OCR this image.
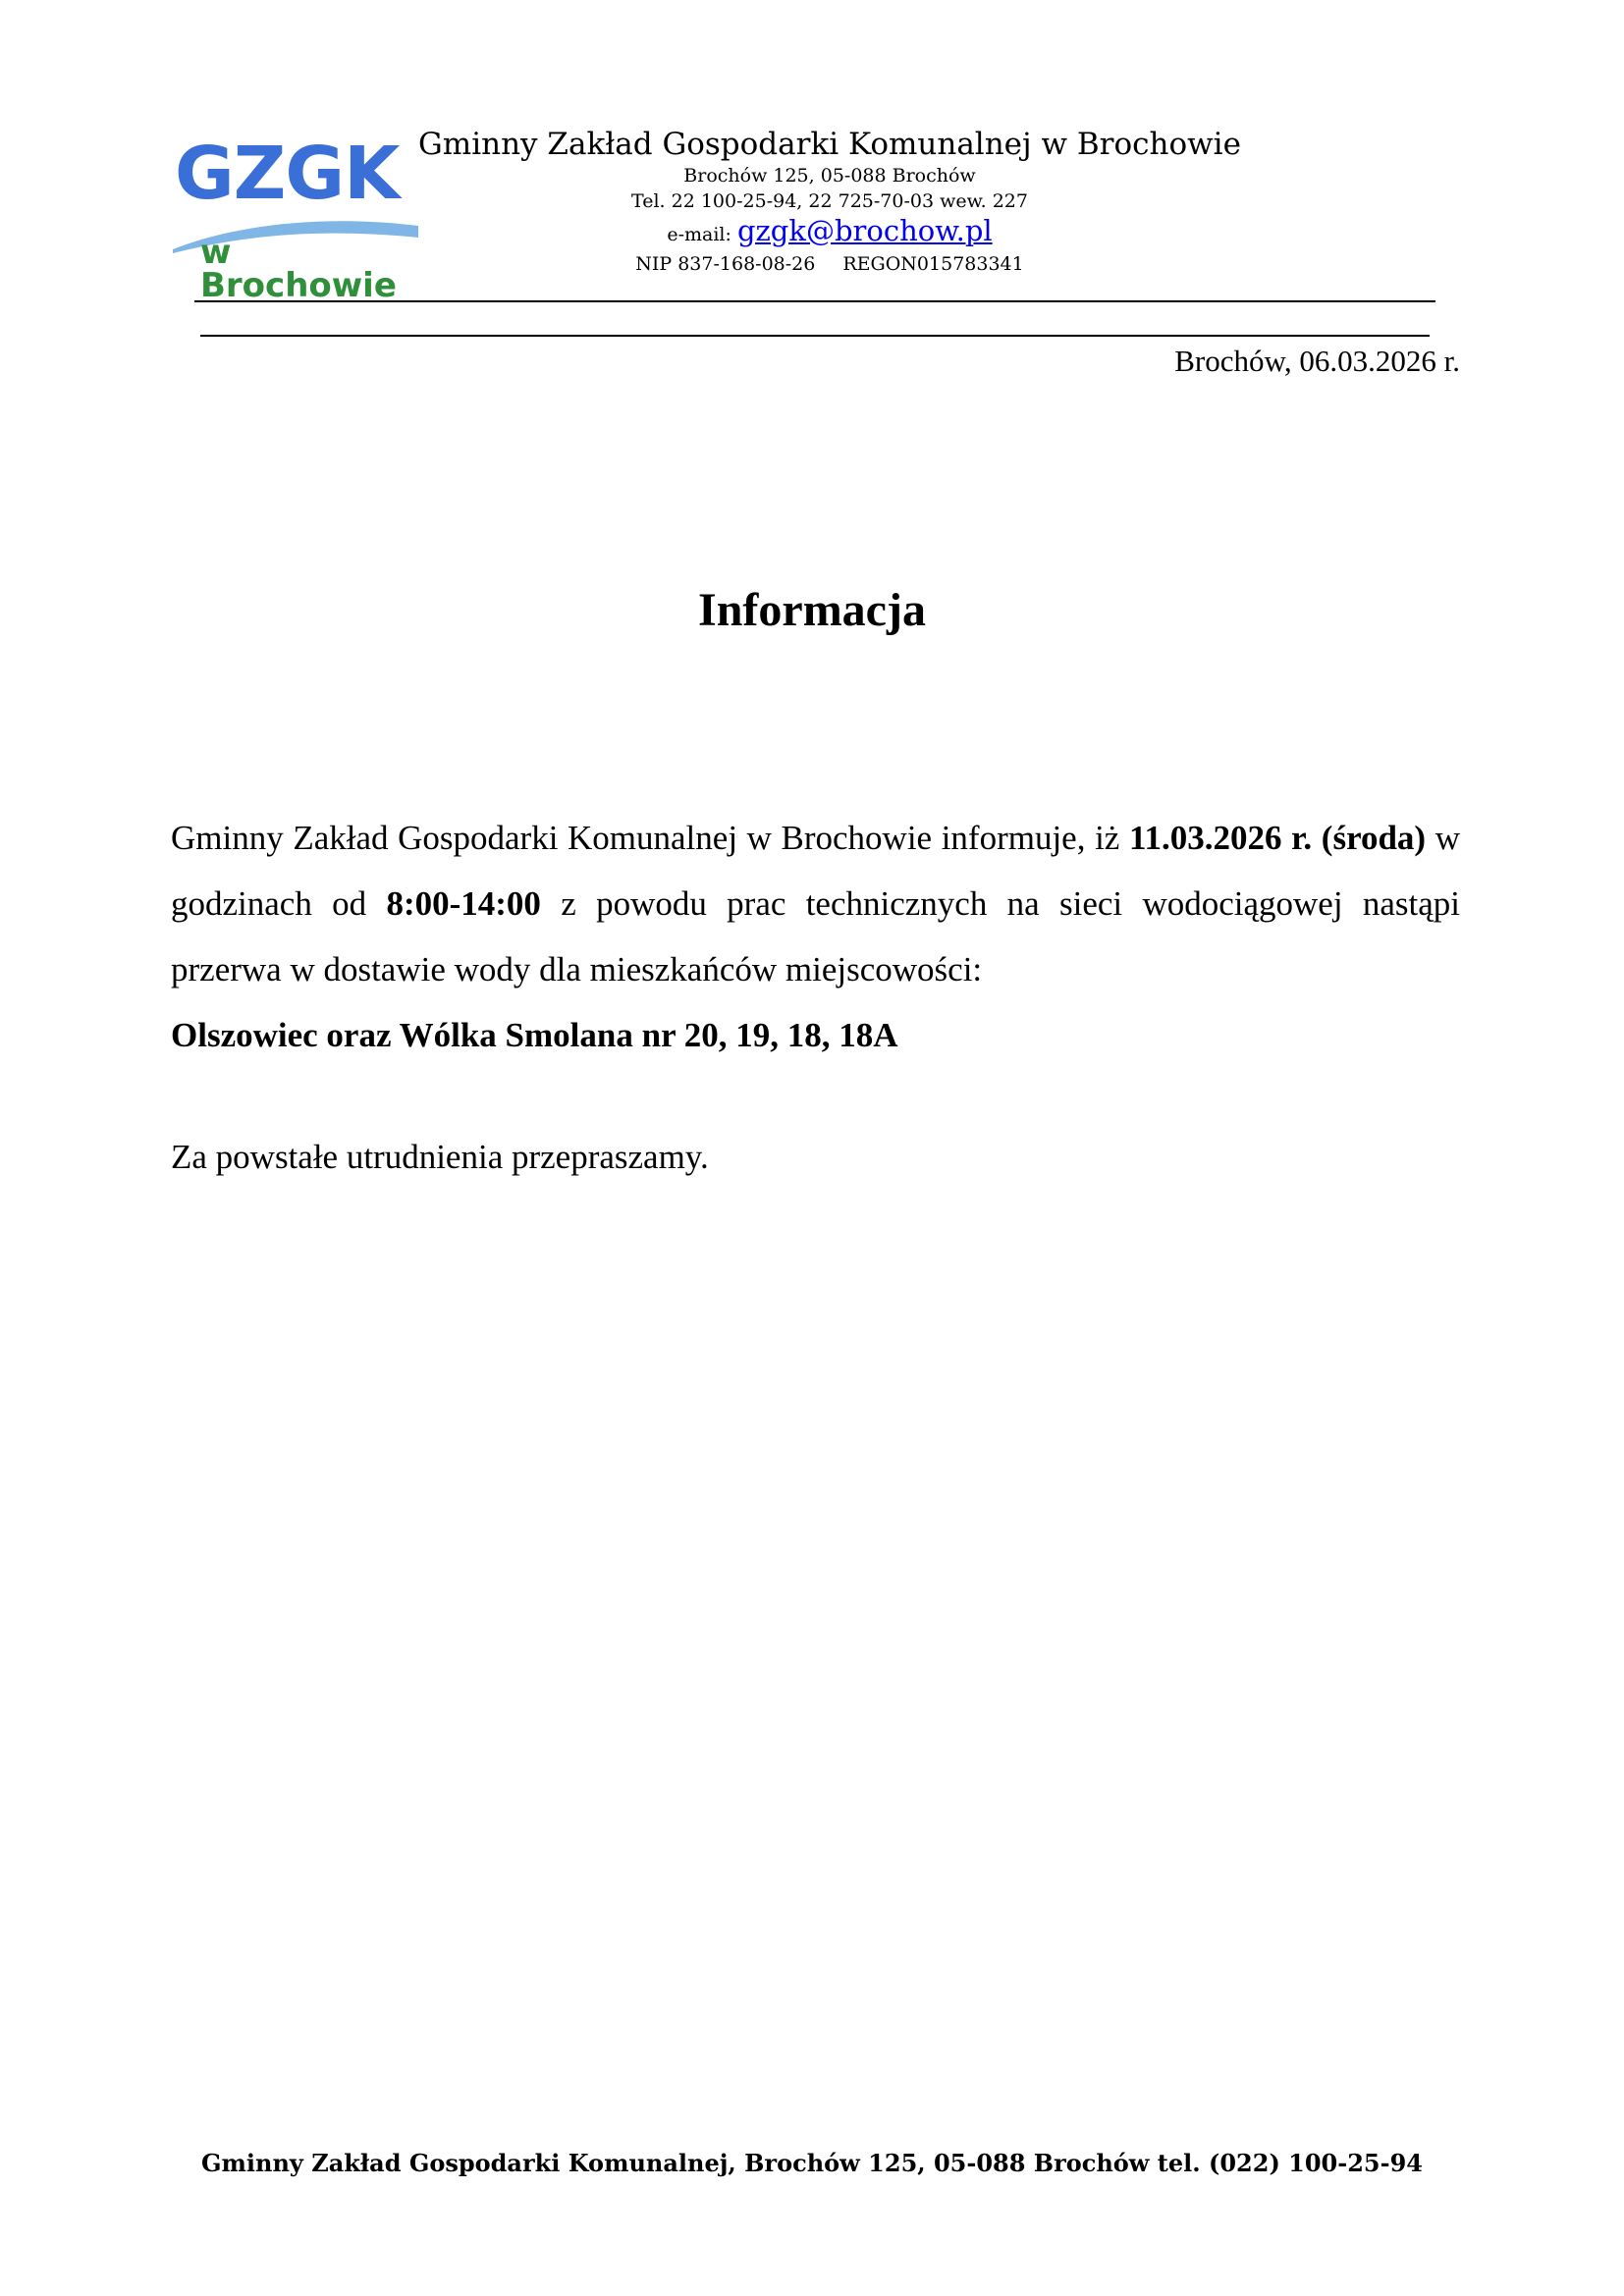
GZGK
w Brochowie

Gminny Zakład Gospodarki Komunalnej w Brochowie

Brochów 125, 05-088 Brochów

Tel. 22 100-25-94, 22 725-70-03 wew. 227

e-mail: gzgk@brochow.pl

NIP 837-168-08-26 REGON015783341

Brochów, 06.03.2026 r.
Informacja

Gminny Zakład Gospodarki Komunalnej w Brochowie informuje, iż 11.03.2026 r. (środa) w godzinach od 8:00-14:00 z powodu prac technicznych na sieci wodociągowej nastąpi przerwa w dostawie wody dla mieszkańców miejscowości:
Olszowiec oraz Wólka Smolana nr 20, 19, 18, 18A

Za powstałe utrudnienia przepraszamy.

Gminny Zakład Gospodarki Komunalnej, Brochów 125, 05-088 Brochów tel. (022) 100-25-94
